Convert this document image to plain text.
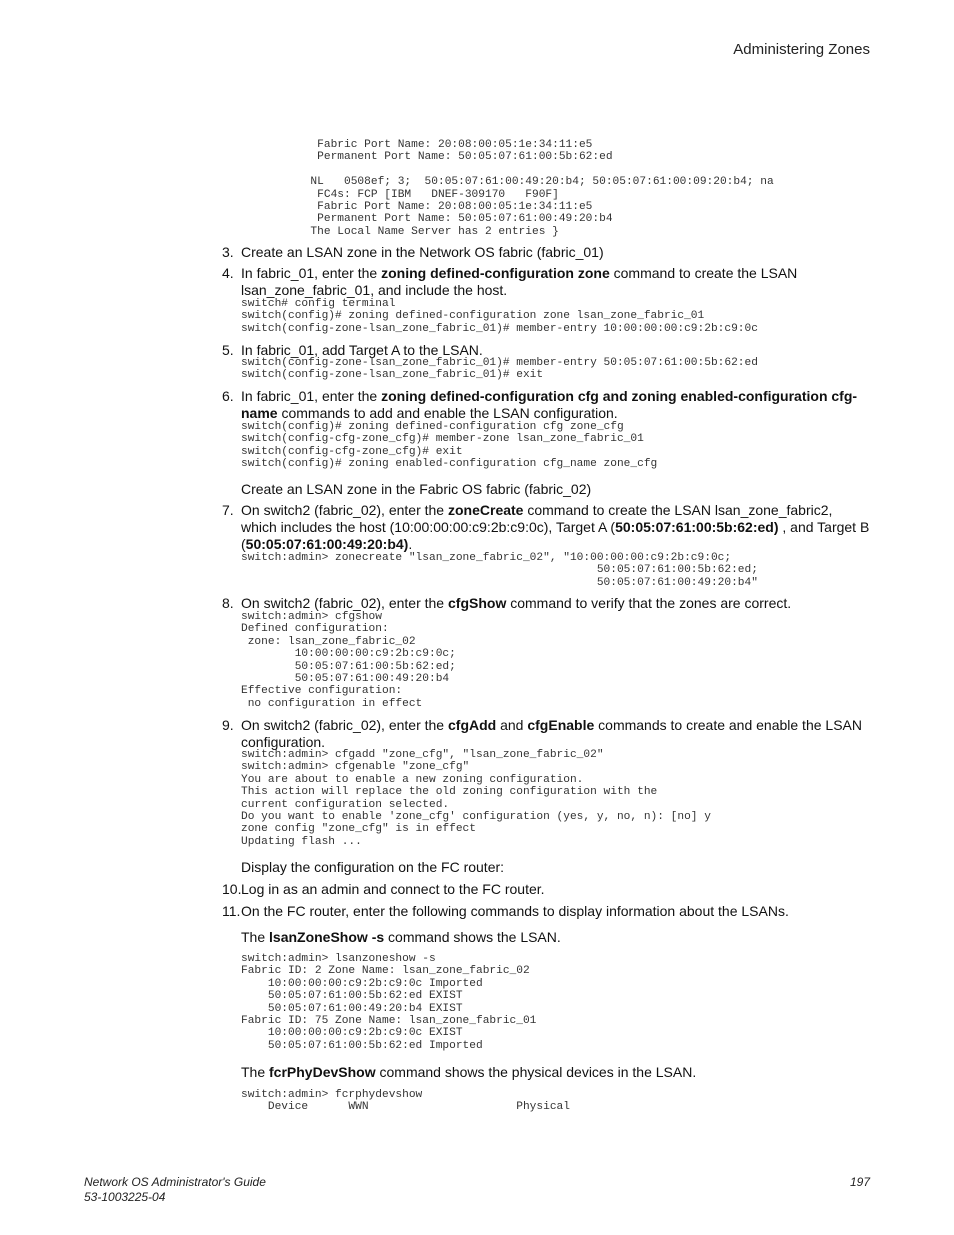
Administering Zones
Fabric Port Name: 20:08:00:05:1e:34:11:e5
Permanent Port Name: 50:05:07:61:00:5b:62:ed

NL   0508ef; 3;  50:05:07:61:00:49:20:b4; 50:05:07:61:00:09:20:b4; na
FC4s: FCP [IBM   DNEF-309170   F90F]
Fabric Port Name: 20:08:00:05:1e:34:11:e5
Permanent Port Name: 50:05:07:61:00:49:20:b4
The Local Name Server has 2 entries }
3. Create an LSAN zone in the Network OS fabric (fabric_01)
4. In fabric_01, enter the zoning defined-configuration zone command to create the LSAN lsan_zone_fabric_01, and include the host.
switch# config terminal
switch(config)# zoning defined-configuration zone lsan_zone_fabric_01
switch(config-zone-lsan_zone_fabric_01)# member-entry 10:00:00:00:c9:2b:c9:0c
5. In fabric_01, add Target A to the LSAN.
switch(config-zone-lsan_zone_fabric_01)# member-entry 50:05:07:61:00:5b:62:ed
switch(config-zone-lsan_zone_fabric_01)# exit
6. In fabric_01, enter the zoning defined-configuration cfg and zoning enabled-configuration cfg-name commands to add and enable the LSAN configuration.
switch(config)# zoning defined-configuration cfg zone_cfg
switch(config-cfg-zone_cfg)# member-zone lsan_zone_fabric_01
switch(config-cfg-zone_cfg)# exit
switch(config)# zoning enabled-configuration cfg_name zone_cfg
Create an LSAN zone in the Fabric OS fabric (fabric_02)
7. On switch2 (fabric_02), enter the zoneCreate command to create the LSAN lsan_zone_fabric2, which includes the host (10:00:00:00:c9:2b:c9:0c), Target A (50:05:07:61:00:5b:62:ed) , and Target B (50:05:07:61:00:49:20:b4).
switch:admin> zonecreate "lsan_zone_fabric_02", "10:00:00:00:c9:2b:c9:0c;
50:05:07:61:00:5b:62:ed;
50:05:07:61:00:49:20:b4"
8. On switch2 (fabric_02), enter the cfgShow command to verify that the zones are correct.
switch:admin> cfgshow
Defined configuration:
zone: lsan_zone_fabric_02
10:00:00:00:c9:2b:c9:0c;
50:05:07:61:00:5b:62:ed;
50:05:07:61:00:49:20:b4
Effective configuration:
no configuration in effect
9. On switch2 (fabric_02), enter the cfgAdd and cfgEnable commands to create and enable the LSAN configuration.
switch:admin> cfgadd "zone_cfg", "lsan_zone_fabric_02"
switch:admin> cfgenable "zone_cfg"
You are about to enable a new zoning configuration.
This action will replace the old zoning configuration with the
current configuration selected.
Do you want to enable 'zone_cfg' configuration (yes, y, no, n): [no] y
zone config "zone_cfg" is in effect
Updating flash ...
Display the configuration on the FC router:
10. Log in as an admin and connect to the FC router.
11. On the FC router, enter the following commands to display information about the LSANs.
The lsanZoneShow -s command shows the LSAN.
switch:admin> lsanzoneshow -s
Fabric ID: 2 Zone Name: lsan_zone_fabric_02
10:00:00:00:c9:2b:c9:0c Imported
50:05:07:61:00:5b:62:ed EXIST
50:05:07:61:00:49:20:b4 EXIST
Fabric ID: 75 Zone Name: lsan_zone_fabric_01
10:00:00:00:c9:2b:c9:0c EXIST
50:05:07:61:00:5b:62:ed Imported
The fcrPhyDevShow command shows the physical devices in the LSAN.
switch:admin> fcrphydevshow
Device      WWN                      Physical
Network OS Administrator's Guide
53-1003225-04
197
